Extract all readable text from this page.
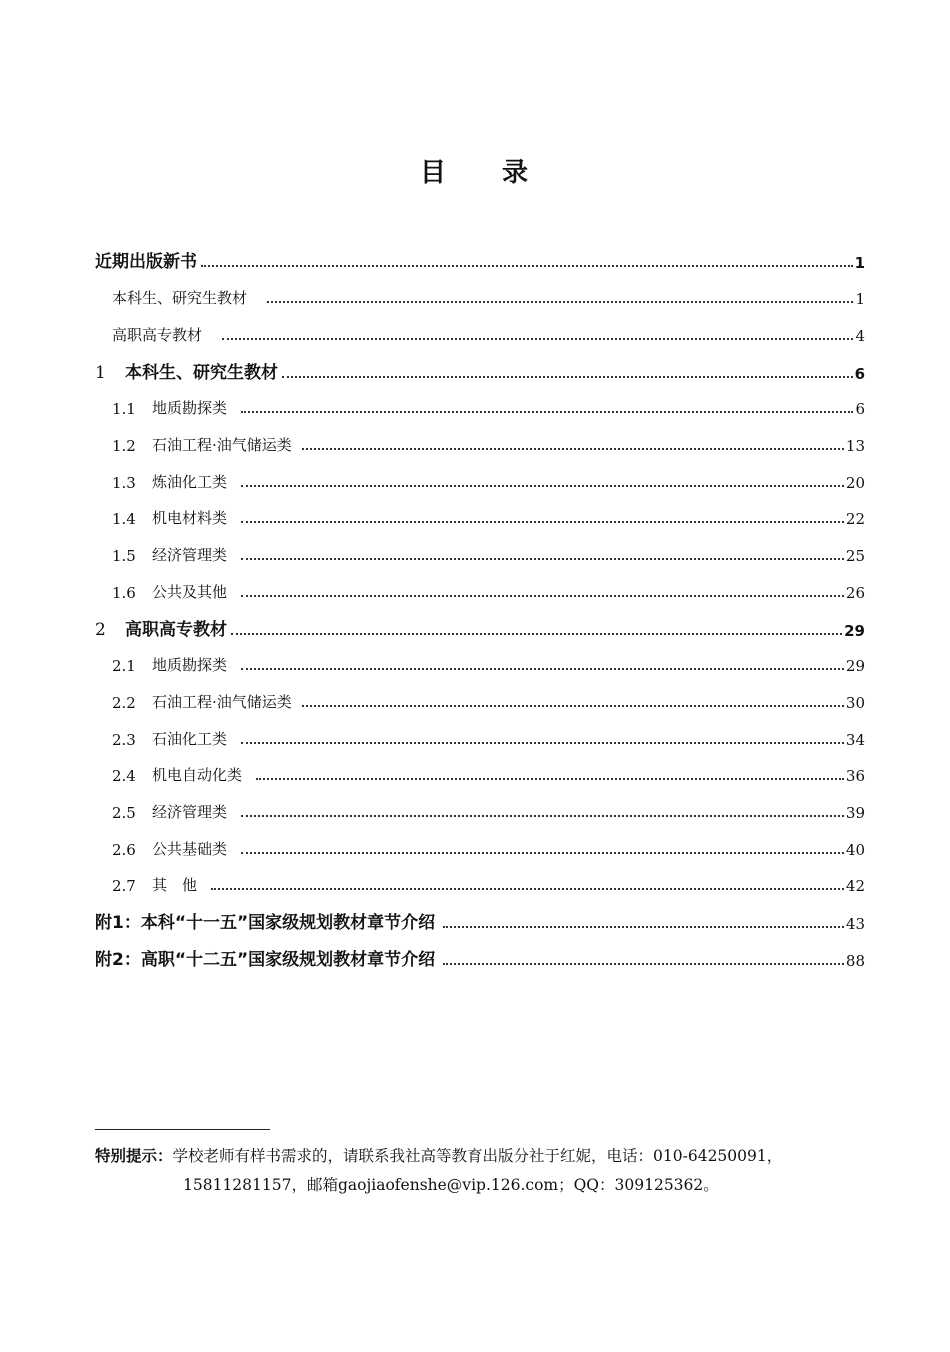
目 录
近期出版新书	1
本科生、研究生教材	1
高职高专教材	4
1	本科生、研究生教材	6
1.1	地质勘探类	6
1.2	石油工程·油气储运类	13
1.3	炼油化工类	20
1.4	机电材料类	22
1.5	经济管理类	25
1.6	公共及其他	26
2	高职高专教材	29
2.1	地质勘探类	29
2.2	石油工程·油气储运类	30
2.3	石油化工类	34
2.4	机电自动化类	36
2.5	经济管理类	39
2.6	公共基础类	40
2.7	其　他	42
附1：本科“十一五”国家级规划教材章节介绍	43
附2：高职“十二五”国家级规划教材章节介绍	88
特别提示：学校老师有样书需求的，请联系我社高等教育出版分社于红妮，电话：010-64250091，
15811281157，邮箱gaojiaofenshe@vip.126.com；QQ：309125362。
